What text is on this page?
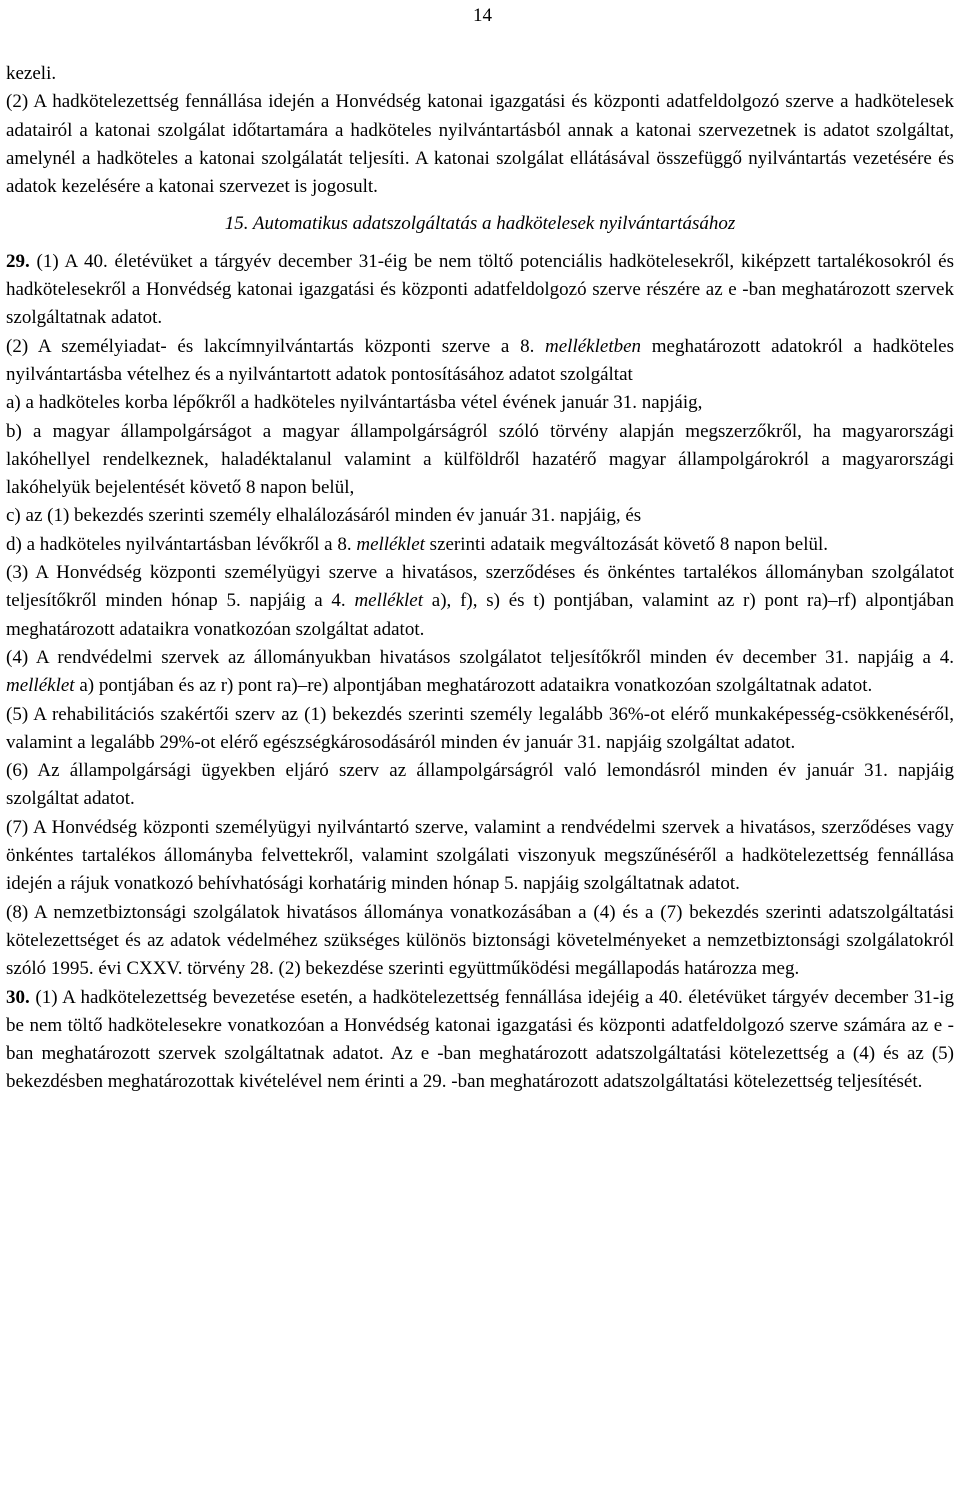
14

kezeli.

(2) A hadkötelezettség fennállása idején a Honvédség katonai igazgatási és központi adatfeldolgozó szerve a hadkötelesek adatairól a katonai szolgálat időtartamára a hadköteles nyilvántartásból annak a katonai szervezetnek is adatot szolgáltat, amelynél a hadköteles a katonai szolgálatát teljesíti. A katonai szolgálat ellátásával összefüggő nyilvántartás vezetésére és adatok kezelésére a katonai szervezet is jogosult.

15. Automatikus adatszolgáltatás a hadkötelesek nyilvántartásához

29. (1) A 40. életévüket a tárgyév december 31-éig be nem töltő potenciális hadkötelesekről, kiképzett tartalékosokról és hadkötelesekről a Honvédség katonai igazgatási és központi adatfeldolgozó szerve részére az e -ban meghatározott szervek szolgáltatnak adatot.

(2) A személyiadat- és lakcímnyilvántartás központi szerve a 8. mellékletben meghatározott adatokról a hadköteles nyilvántartásba vételhez és a nyilvántartott adatok pontosításához adatot szolgáltat

a) a hadköteles korba lépőkről a hadköteles nyilvántartásba vétel évének január 31. napjáig,

b) a magyar állampolgárságot a magyar állampolgárságról szóló törvény alapján megszerzőkről, ha magyarországi lakóhellyel rendelkeznek, haladéktalanul valamint a külföldről hazatérő magyar állampolgárokról a magyarországi lakóhelyük bejelentését követő 8 napon belül,

c) az (1) bekezdés szerinti személy elhalálozásáról minden év január 31. napjáig, és

d) a hadköteles nyilvántartásban lévőkről a 8. melléklet szerinti adataik megváltozását követő 8 napon belül.

(3) A Honvédség központi személyügyi szerve a hivatásos, szerződéses és önkéntes tartalékos állományban szolgálatot teljesítőkről minden hónap 5. napjáig a 4. melléklet a), f), s) és t) pontjában, valamint az r) pont ra)–rf) alpontjában meghatározott adataikra vonatkozóan szolgáltat adatot.

(4) A rendvédelmi szervek az állományukban hivatásos szolgálatot teljesítőkről minden év december 31. napjáig a 4. melléklet a) pontjában és az r) pont ra)–re) alpontjában meghatározott adataikra vonatkozóan szolgáltatnak adatot.

(5) A rehabilitációs szakértői szerv az (1) bekezdés szerinti személy legalább 36%-ot elérő munkaképesség-csökkenéséről, valamint a legalább 29%-ot elérő egészségkárosodásáról minden év január 31. napjáig szolgáltat adatot.

(6) Az állampolgársági ügyekben eljáró szerv az állampolgárságról való lemondásról minden év január 31. napjáig szolgáltat adatot.

(7) A Honvédség központi személyügyi nyilvántartó szerve, valamint a rendvédelmi szervek a hivatásos, szerződéses vagy önkéntes tartalékos állományba felvettekről, valamint szolgálati viszonyuk megszűnéséről a hadkötelezettség fennállása idején a rájuk vonatkozó behívhatósági korhatárig minden hónap 5. napjáig szolgáltatnak adatot.

(8) A nemzetbiztonsági szolgálatok hivatásos állománya vonatkozásában a (4) és a (7) bekezdés szerinti adatszolgáltatási kötelezettséget és az adatok védelméhez szükséges különös biztonsági követelményeket a nemzetbiztonsági szolgálatokról szóló 1995. évi CXXV. törvény 28. (2) bekezdése szerinti együttműködési megállapodás határozza meg.

30. (1) A hadkötelezettség bevezetése esetén, a hadkötelezettség fennállása idejéig a 40. életévüket tárgyév december 31-ig be nem töltő hadkötelesekre vonatkozóan a Honvédség katonai igazgatási és központi adatfeldolgozó szerve számára az e -ban meghatározott szervek szolgáltatnak adatot. Az e -ban meghatározott adatszolgáltatási kötelezettség a (4) és az (5) bekezdésben meghatározottak kivételével nem érinti a 29. -ban meghatározott adatszolgáltatási kötelezettség teljesítését.
